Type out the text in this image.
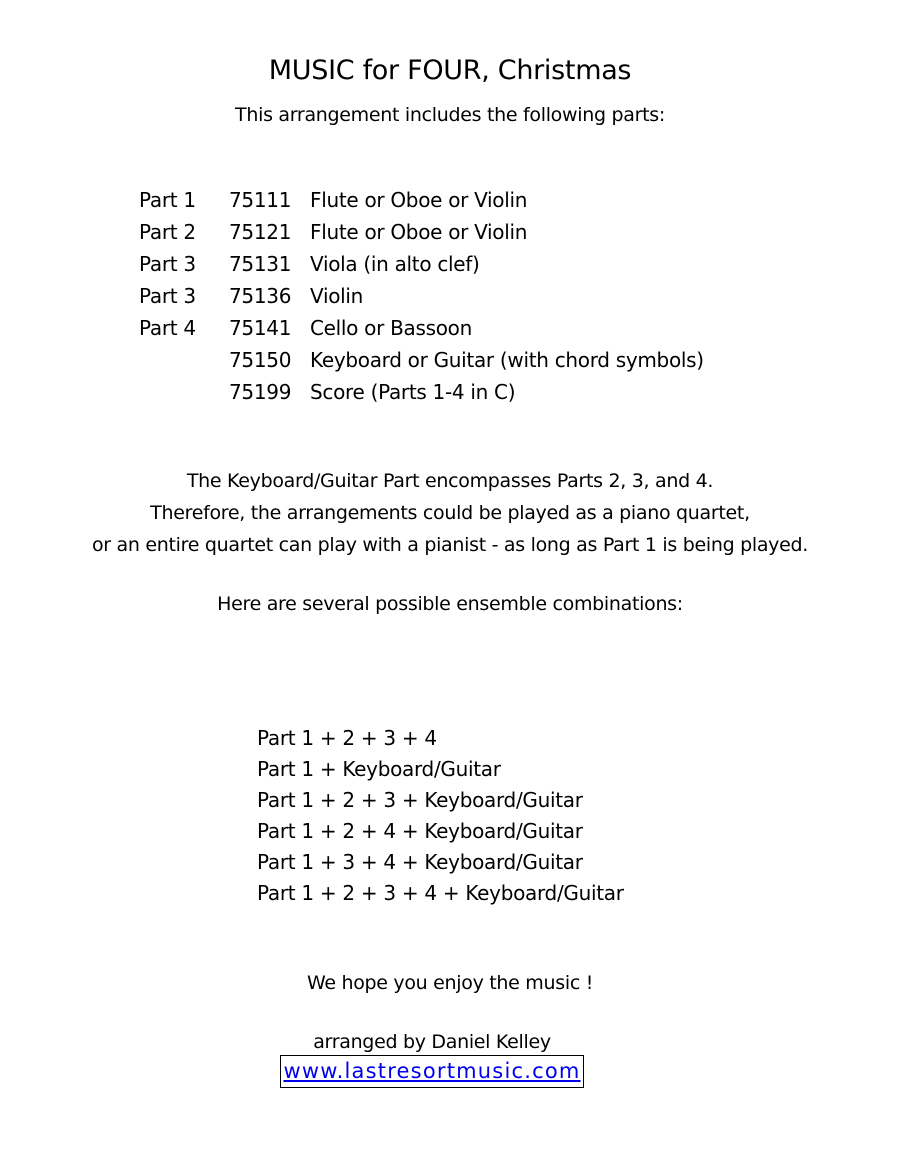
MUSIC for FOUR, Christmas
This arrangement includes the following parts:
Part 1 75111 Flute or Oboe or Violin
Part 2 75121 Flute or Oboe or Violin
Part 3 75131 Viola (in alto clef)
Part 3 75136 Violin
Part 4 75141 Cello or Bassoon
75150 Keyboard or Guitar (with chord symbols)
75199 Score (Parts 1-4 in C)
The Keyboard/Guitar Part encompasses Parts 2, 3, and 4.
Therefore, the arrangements could be played as a piano quartet,
or an entire quartet can play with a pianist - as long as Part 1 is being played.
Here are several possible ensemble combinations:
Part 1 + 2 + 3 + 4
Part 1 + Keyboard/Guitar
Part 1 + 2 + 3 + Keyboard/Guitar
Part 1 + 2 + 4 + Keyboard/Guitar
Part 1 + 3 + 4 + Keyboard/Guitar
Part 1 + 2 + 3 + 4 + Keyboard/Guitar
We hope you enjoy the music !
arranged by Daniel Kelley
www.lastresortmusic.com
